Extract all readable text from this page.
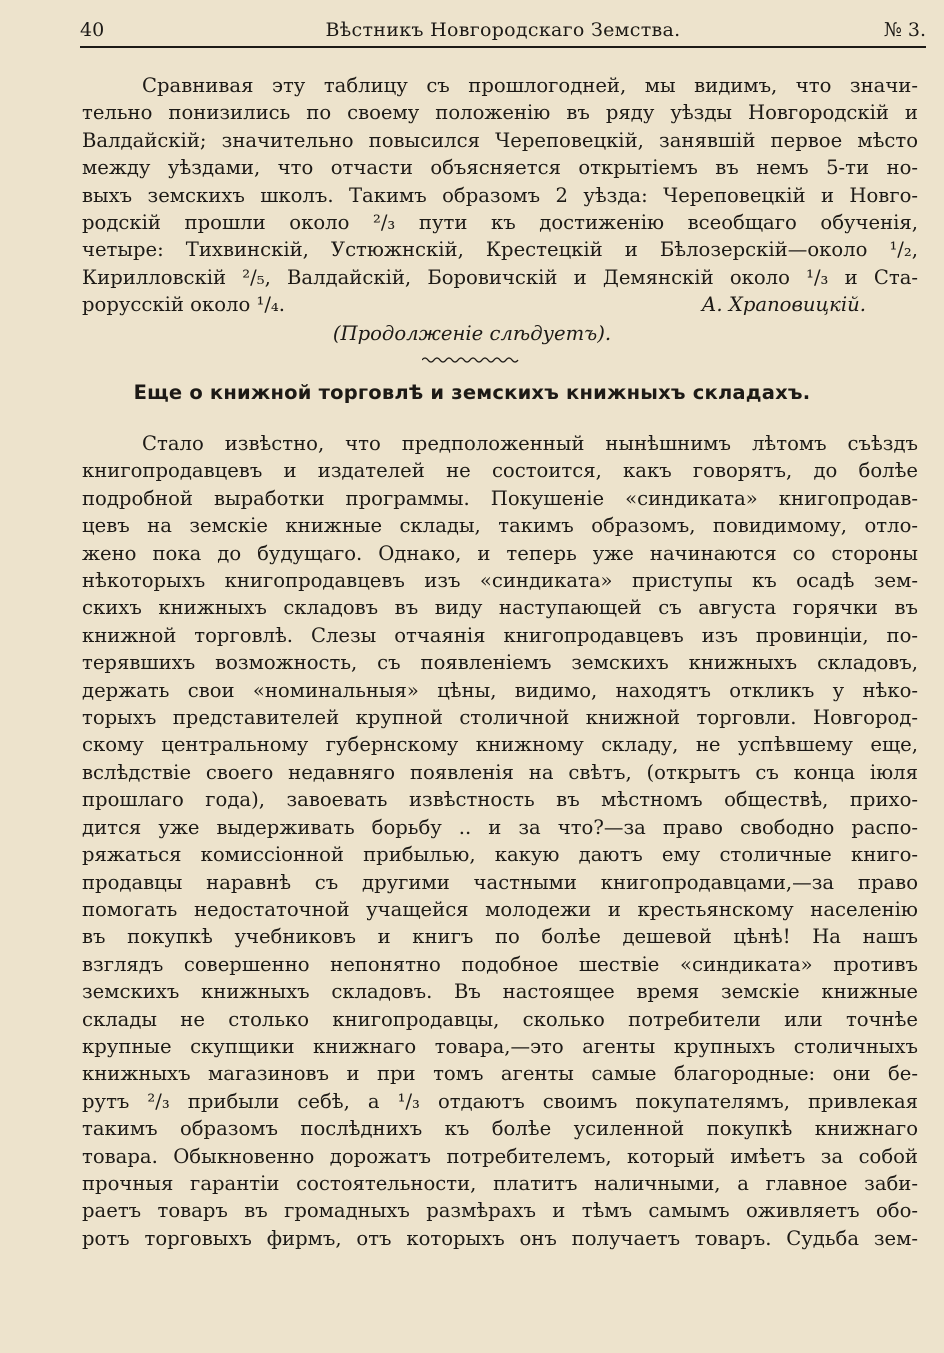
40	Вѣстникъ Новгородскаго Земства.	№ 3.
Сравнивая эту таблицу съ прошлогодней, мы видимъ, что значи-
тельно понизились по своему положенію въ ряду уѣзды Новгородскій и
Валдайскій; значительно повысился Череповецкій, занявшій первое мѣсто
между уѣздами, что отчасти объясняется открытіемъ въ немъ 5-ти но-
выхъ земскихъ школъ. Такимъ образомъ 2 уѣзда: Череповецкій и Новго-
родскій прошли около ²/₃ пути къ достиженію всеобщаго обученія,
четыре: Тихвинскій, Устюжнскій, Крестецкій и Бѣлозерскій—около ¹/₂,
Кирилловскій ²/₅, Валдайскій, Боровичскій и Демянскій около ¹/₃ и Ста-
рорусскій около ¹/₄.	А. Храповицкій.
(Продолженіе слѣдуетъ).
Еще о книжной торговлѣ и земскихъ книжныхъ складахъ.
Стало извѣстно, что предположенный нынѣшнимъ лѣтомъ съѣздъ
книгопродавцевъ и издателей не состоится, какъ говорятъ, до болѣе
подробной выработки программы. Покушеніе «синдиката» книгопродав-
цевъ на земскіе книжные склады, такимъ образомъ, повидимому, отло-
жено пока до будущаго. Однако, и теперь уже начинаются со стороны
нѣкоторыхъ книгопродавцевъ изъ «синдиката» приступы къ осадѣ зем-
скихъ книжныхъ складовъ въ виду наступающей съ августа горячки въ
книжной торговлѣ. Слезы отчаянія книгопродавцевъ изъ провинціи, по-
терявшихъ возможность, съ появленіемъ земскихъ книжныхъ складовъ,
держать свои «номинальныя» цѣны, видимо, находятъ откликъ у нѣко-
торыхъ представителей крупной столичной книжной торговли. Новгород-
скому центральному губернскому книжному складу, не успѣвшему еще,
вслѣдствіе своего недавняго появленія на свѣтъ, (открытъ съ конца іюля
прошлаго года), завоевать извѣстность въ мѣстномъ обществѣ, прихо-
дится уже выдерживать борьбу .. и за что?—за право свободно распо-
ряжаться комиссіонной прибылью, какую даютъ ему столичные книго-
продавцы наравнѣ съ другими частными книгопродавцами,—за право
помогать недостаточной учащейся молодежи и крестьянскому населенію
въ покупкѣ учебниковъ и книгъ по болѣе дешевой цѣнѣ! На нашъ
взглядъ совершенно непонятно подобное шествіе «синдиката» противъ
земскихъ книжныхъ складовъ. Въ настоящее время земскіе книжные
склады не столько книгопродавцы, сколько потребители или точнѣе
крупные скупщики книжнаго товара,—это агенты крупныхъ столичныхъ
книжныхъ магазиновъ и при томъ агенты самые благородные: они бе-
рутъ ²/₃ прибыли себѣ, а ¹/₃ отдаютъ своимъ покупателямъ, привлекая
такимъ образомъ послѣднихъ къ болѣе усиленной покупкѣ книжнаго
товара. Обыкновенно дорожатъ потребителемъ, который имѣетъ за собой
прочныя гарантіи состоятельности, платитъ наличными, а главное заби-
раетъ товаръ въ громадныхъ размѣрахъ и тѣмъ самымъ оживляетъ обо-
ротъ торговыхъ фирмъ, отъ которыхъ онъ получаетъ товаръ. Судьба зем-
